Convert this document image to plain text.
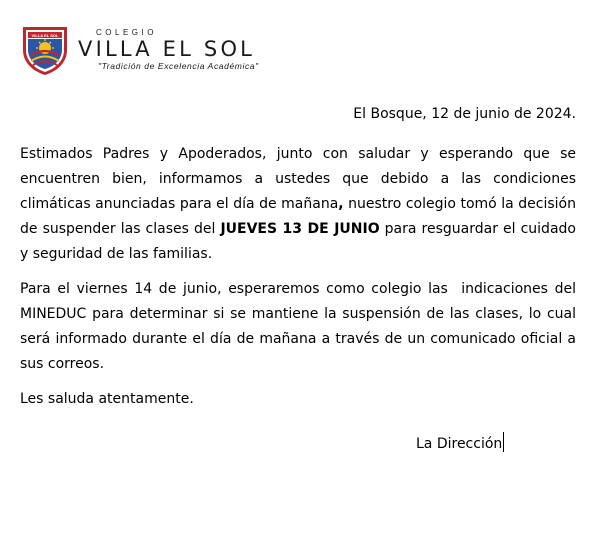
VILLA EL SOL	COLEGIO
VILLA EL SOL
"Tradición de Excelencia Académica"

El Bosque, 12 de junio de 2024.

Estimados Padres y Apoderados, junto con saludar y esperando que se encuentren bien, informamos a ustedes que debido a las condiciones climáticas anunciadas para el día de mañana, nuestro colegio tomó la decisión de suspender las clases del JUEVES 13 DE JUNIO para resguardar el cuidado y seguridad de las familias.

Para el viernes 14 de junio, esperaremos como colegio las  indicaciones del MINEDUC para determinar si se mantiene la suspensión de las clases, lo cual será informado durante el día de mañana a través de un comunicado oficial a sus correos.

Les saluda atentamente.

La Dirección
